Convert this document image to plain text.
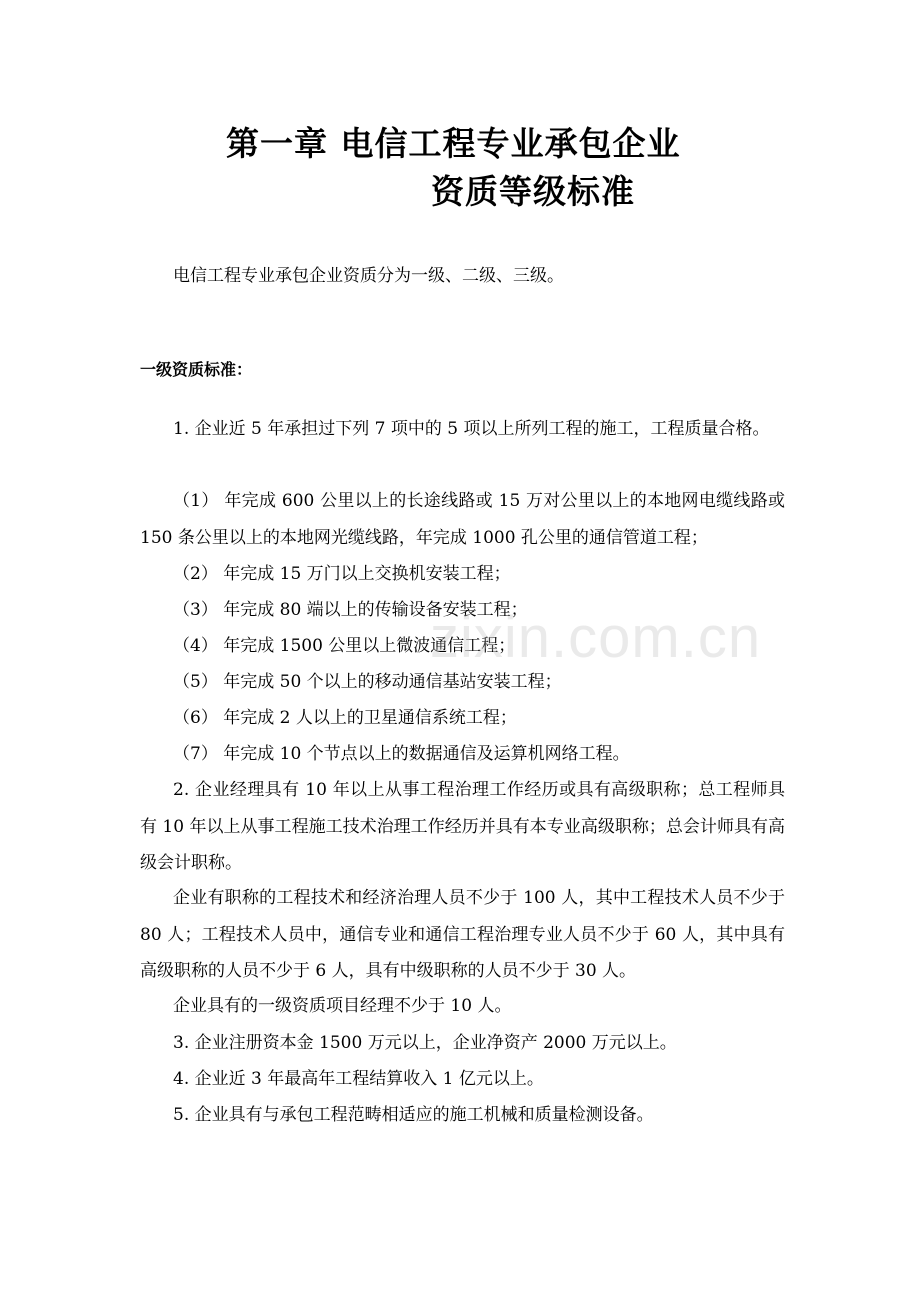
第一章 电信工程专业承包企业
资质等级标准
电信工程专业承包企业资质分为一级、二级、三级。
一级资质标准：
1. 企业近 5 年承担过下列 7 项中的 5 项以上所列工程的施工，工程质量合格。
（1） 年完成 600 公里以上的长途线路或 15 万对公里以上的本地网电缆线路或 150 条公里以上的本地网光缆线路，年完成 1000 孔公里的通信管道工程；
（2） 年完成 15 万门以上交换机安装工程；
（3） 年完成 80 端以上的传输设备安装工程；
（4） 年完成 1500 公里以上微波通信工程；
（5） 年完成 50 个以上的移动通信基站安装工程；
（6） 年完成 2 人以上的卫星通信系统工程；
（7） 年完成 10 个节点以上的数据通信及运算机网络工程。
2. 企业经理具有 10 年以上从事工程治理工作经历或具有高级职称；总工程师具有 10 年以上从事工程施工技术治理工作经历并具有本专业高级职称；总会计师具有高级会计职称。
企业有职称的工程技术和经济治理人员不少于 100 人，其中工程技术人员不少于 80 人；工程技术人员中，通信专业和通信工程治理专业人员不少于 60 人，其中具有高级职称的人员不少于 6 人，具有中级职称的人员不少于 30 人。
企业具有的一级资质项目经理不少于 10 人。
3. 企业注册资本金 1500 万元以上，企业净资产 2000 万元以上。
4. 企业近 3 年最高年工程结算收入 1 亿元以上。
5. 企业具有与承包工程范畴相适应的施工机械和质量检测设备。
zixin.com.cn
